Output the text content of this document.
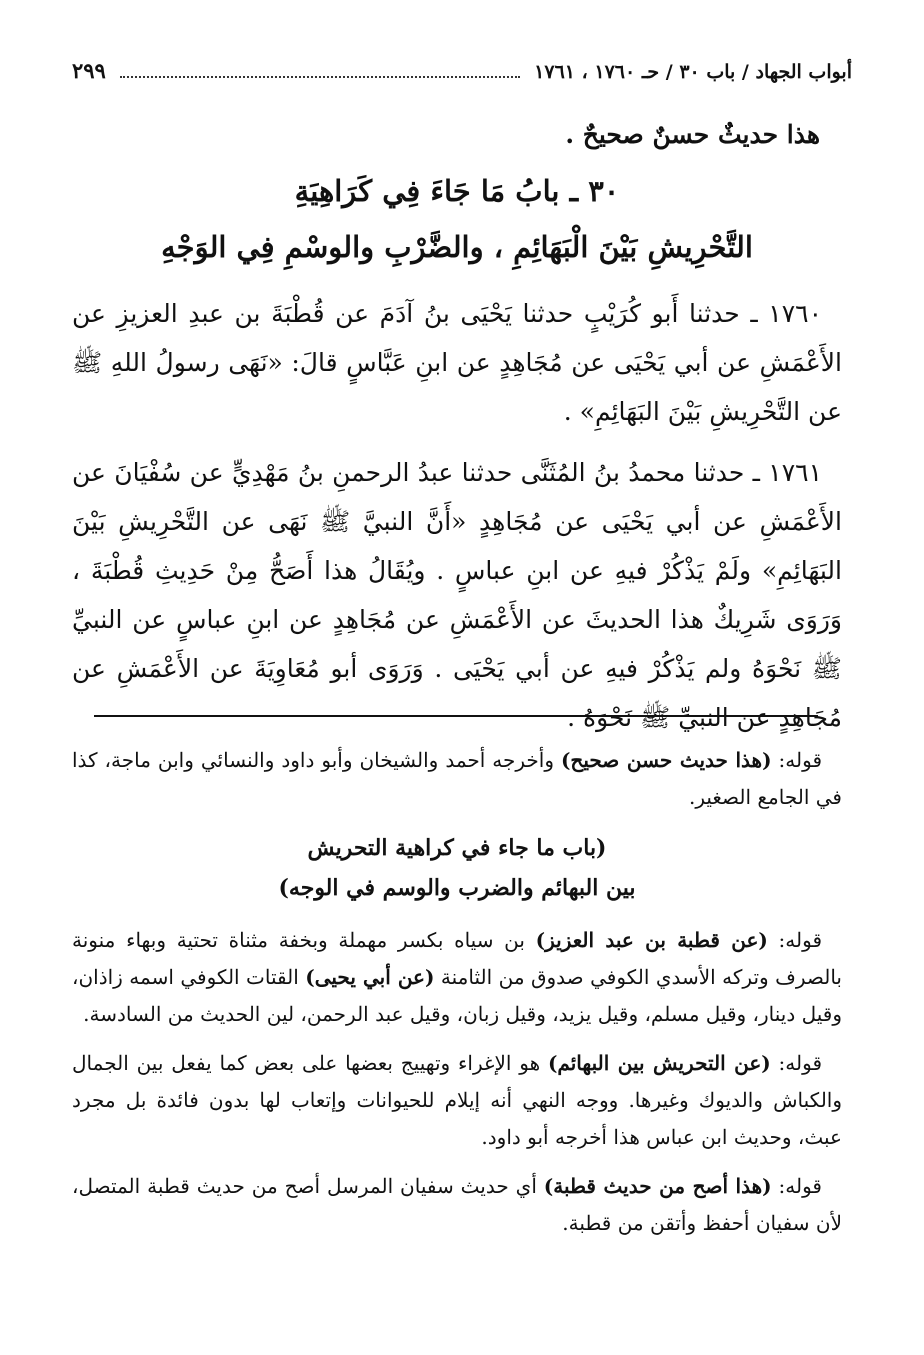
أبواب الجهاد / باب ٣٠ / حـ ١٧٦٠ ، ١٧٦١
٢٩٩

هذا حديثٌ حسنٌ صحيحٌ .

٣٠ ـ بابُ مَا جَاءَ فِي كَرَاهِيَةِ
التَّحْرِيشِ بَيْنَ الْبَهَائِمِ ، والضَّرْبِ والوسْمِ فِي الوَجْهِ

١٧٦٠ ـ حدثنا أَبو كُرَيْبٍ حدثنا يَحْيَى بنُ آدَمَ عن قُطْبَةَ بن عبدِ العزيزِ عن الأَعْمَشِ عن أبي يَحْيَى عن مُجَاهِدٍ عن ابنِ عَبَّاسٍ قالَ: «نَهَى رسولُ اللهِ ﷺ عن التَّحْرِيشِ بَيْنَ البَهَائِمِ» .

١٧٦١ ـ حدثنا محمدُ بنُ المُثَنَّى حدثنا عبدُ الرحمنِ بنُ مَهْدِيٍّ عن سُفْيَانَ عن الأَعْمَشِ عن أبي يَحْيَى عن مُجَاهِدٍ «أَنَّ النبيَّ ﷺ نَهَى عن التَّحْرِيشِ بَيْنَ البَهَائِمِ» ولَمْ يَذْكُرْ فيهِ عن ابنِ عباسٍ . ويُقَالُ هذا أَصَحُّ مِنْ حَدِيثِ قُطْبَةَ ، وَرَوَى شَرِيكٌ هذا الحديثَ عن الأَعْمَشِ عن مُجَاهِدٍ عن ابنِ عباسٍ عن النبيِّ ﷺ نَحْوَهُ ولم يَذْكُرْ فيهِ عن أبي يَحْيَى . وَرَوَى أبو مُعَاوِيَةَ عن الأَعْمَشِ عن مُجَاهِدٍ عن النبيِّ ﷺ نَحْوَهُ .

قوله: (هذا حديث حسن صحيح) وأخرجه أحمد والشيخان وأبو داود والنسائي وابن ماجة، كذا في الجامع الصغير.

(باب ما جاء في كراهية التحريش
بين البهائم والضرب والوسم في الوجه)

قوله: (عن قطبة بن عبد العزيز) بن سياه بكسر مهملة وبخفة مثناة تحتية وبهاء منونة بالصرف وتركه الأسدي الكوفي صدوق من الثامنة (عن أبي يحيى) القتات الكوفي اسمه زاذان، وقيل دينار، وقيل مسلم، وقيل يزيد، وقيل زبان، وقيل عبد الرحمن، لين الحديث من السادسة.

قوله: (عن التحريش بين البهائم) هو الإغراء وتهييج بعضها على بعض كما يفعل بين الجمال والكباش والديوك وغيرها. ووجه النهي أنه إيلام للحيوانات وإتعاب لها بدون فائدة بل مجرد عبث، وحديث ابن عباس هذا أخرجه أبو داود.

قوله: (هذا أصح من حديث قطبة) أي حديث سفيان المرسل أصح من حديث قطبة المتصل، لأن سفيان أحفظ وأتقن من قطبة.
